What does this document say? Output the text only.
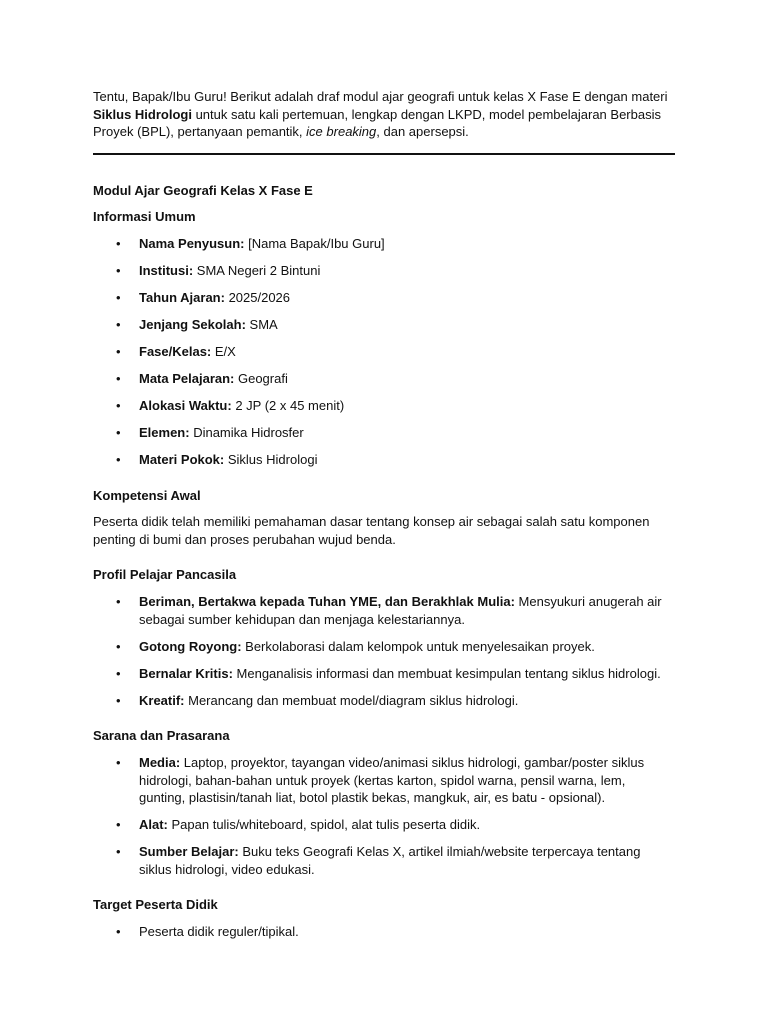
Tentu, Bapak/Ibu Guru! Berikut adalah draf modul ajar geografi untuk kelas X Fase E dengan materi Siklus Hidrologi untuk satu kali pertemuan, lengkap dengan LKPD, model pembelajaran Berbasis Proyek (BPL), pertanyaan pemantik, ice breaking, dan apersepsi.

Modul Ajar Geografi Kelas X Fase E

Informasi Umum

• Nama Penyusun: [Nama Bapak/Ibu Guru]
• Institusi: SMA Negeri 2 Bintuni
• Tahun Ajaran: 2025/2026
• Jenjang Sekolah: SMA
• Fase/Kelas: E/X
• Mata Pelajaran: Geografi
• Alokasi Waktu: 2 JP (2 x 45 menit)
• Elemen: Dinamika Hidrosfer
• Materi Pokok: Siklus Hidrologi

Kompetensi Awal

Peserta didik telah memiliki pemahaman dasar tentang konsep air sebagai salah satu komponen penting di bumi dan proses perubahan wujud benda.

Profil Pelajar Pancasila

• Beriman, Bertakwa kepada Tuhan YME, dan Berakhlak Mulia: Mensyukuri anugerah air sebagai sumber kehidupan dan menjaga kelestariannya.
• Gotong Royong: Berkolaborasi dalam kelompok untuk menyelesaikan proyek.
• Bernalar Kritis: Menganalisis informasi dan membuat kesimpulan tentang siklus hidrologi.
• Kreatif: Merancang dan membuat model/diagram siklus hidrologi.

Sarana dan Prasarana

• Media: Laptop, proyektor, tayangan video/animasi siklus hidrologi, gambar/poster siklus hidrologi, bahan-bahan untuk proyek (kertas karton, spidol warna, pensil warna, lem, gunting, plastisin/tanah liat, botol plastik bekas, mangkuk, air, es batu - opsional).
• Alat: Papan tulis/whiteboard, spidol, alat tulis peserta didik.
• Sumber Belajar: Buku teks Geografi Kelas X, artikel ilmiah/website terpercaya tentang siklus hidrologi, video edukasi.

Target Peserta Didik

• Peserta didik reguler/tipikal.
